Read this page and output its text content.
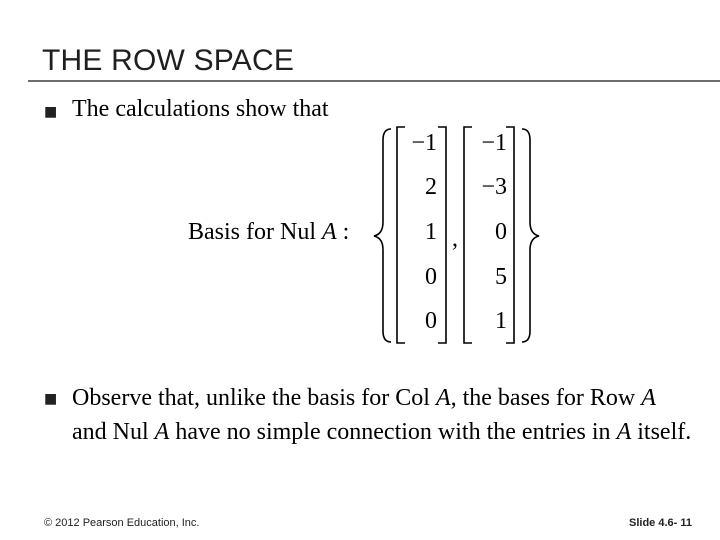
THE ROW SPACE
■ The calculations show that
Basis for Nul A :
−1
2
1
0
0
,
−1
−3
0
5
1
■ Observe that, unlike the basis for Col A, the bases for Row A and Nul A have no simple connection with the entries in A itself.
© 2012 Pearson Education, Inc.	Slide 4.6- 11
